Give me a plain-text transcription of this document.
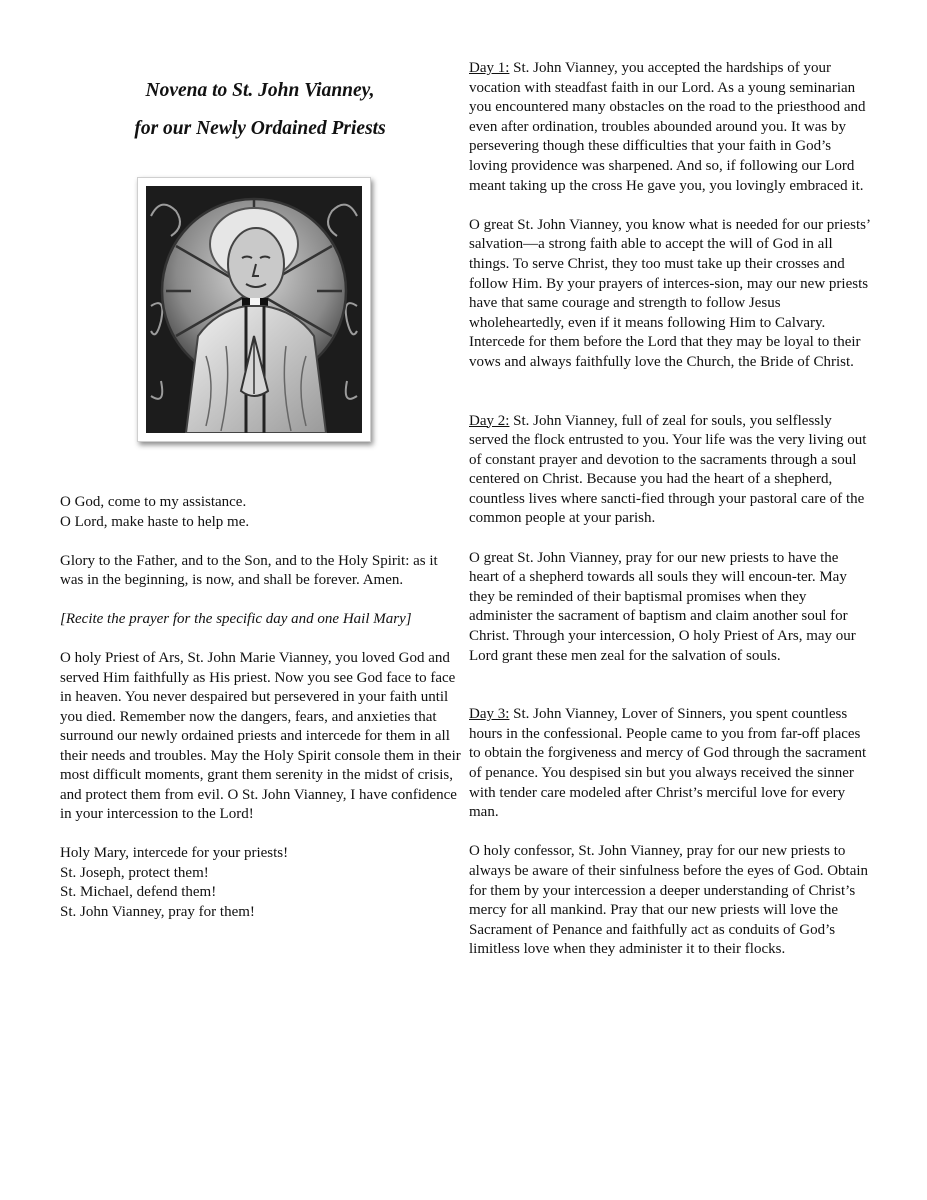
Novena to St. John Vianney,
for our Newly Ordained Priests

O God, come to my assistance.
O Lord, make haste to help me.

Glory to the Father, and to the Son, and to the Holy Spirit: as it was in the beginning, is now, and shall be forever. Amen.

[Recite the prayer for the specific day and one Hail Mary]

O holy Priest of Ars, St. John Marie Vianney, you loved God and served Him faithfully as His priest. Now you see God face to face in heaven. You never despaired but persevered in your faith until you died. Remember now the dangers, fears, and anxieties that surround our newly ordained priests and intercede for them in all their needs and troubles. May the Holy Spirit console them in their most difficult moments, grant them serenity in the midst of crisis, and protect them from evil. O St. John Vianney, I have confidence in your intercession to the Lord!

Holy Mary, intercede for your priests!
St. Joseph, protect them!
St. Michael, defend them!
St. John Vianney, pray for them!

Day 1: St. John Vianney, you accepted the hardships of your vocation with steadfast faith in our Lord. As a young seminarian you encountered many obstacles on the road to the priesthood and even after ordination, troubles abounded around you. It was by persevering though these difficulties that your faith in God’s loving providence was sharpened. And so, if following our Lord meant taking up the cross He gave you, you lovingly embraced it.

O great St. John Vianney, you know what is needed for our priests’ salvation—a strong faith able to accept the will of God in all things. To serve Christ, they too must take up their crosses and follow Him. By your prayers of interces-sion, may our new priests have that same courage and strength to follow Jesus wholeheartedly, even if it means following Him to Calvary. Intercede for them before the Lord that they may be loyal to their vows and always faithfully love the Church, the Bride of Christ.

Day 2: St. John Vianney, full of zeal for souls, you selflessly served the flock entrusted to you. Your life was the very living out of constant prayer and devotion to the sacraments through a soul centered on Christ. Because you had the heart of a shepherd, countless lives where sancti-fied through your pastoral care of the common people at your parish.

O great St. John Vianney, pray for our new priests to have the heart of a shepherd towards all souls they will encoun-ter. May they be reminded of their baptismal promises when they administer the sacrament of baptism and claim another soul for Christ. Through your intercession, O holy Priest of Ars, may our Lord grant these men zeal for the salvation of souls.

Day 3: St. John Vianney, Lover of Sinners, you spent countless hours in the confessional. People came to you from far-off places to obtain the forgiveness and mercy of God through the sacrament of penance. You despised sin but you always received the sinner with tender care modeled after Christ’s merciful love for every man.

O holy confessor, St. John Vianney, pray for our new priests to always be aware of their sinfulness before the eyes of God. Obtain for them by your intercession a deeper understanding of Christ’s mercy for all mankind. Pray that our new priests will love the Sacrament of Penance and faithfully act as conduits of God’s limitless love when they administer it to their flocks.
